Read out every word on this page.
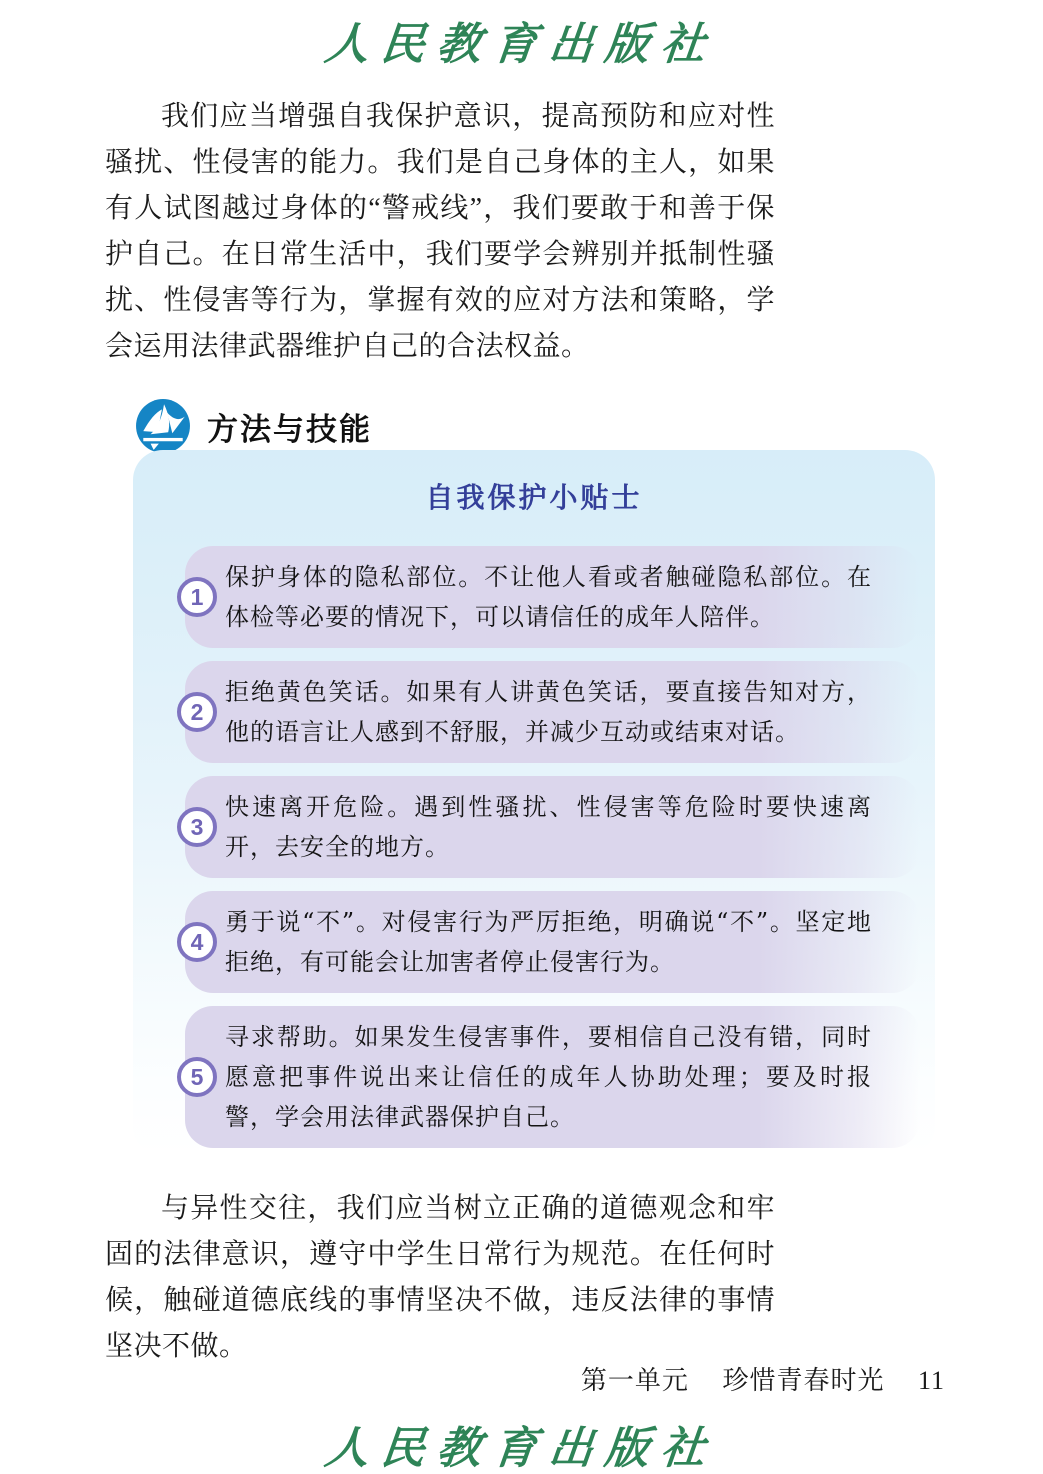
人民教育出版社

我们应当增强自我保护意识，提高预防和应对性骚扰、性侵害的能力。我们是自己身体的主人，如果有人试图越过身体的“警戒线”，我们要敢于和善于保护自己。在日常生活中，我们要学会辨别并抵制性骚扰、性侵害等行为，掌握有效的应对方法和策略，学会运用法律武器维护自己的合法权益。

方法与技能
自我保护小贴士
1

保护身体的隐私部位。不让他人看或者触碰隐私部位。在体检等必要的情况下，可以请信任的成年人陪伴。

2

拒绝黄色笑话。如果有人讲黄色笑话，要直接告知对方，他的语言让人感到不舒服，并减少互动或结束对话。

3

快速离开危险。遇到性骚扰、性侵害等危险时要快速离开，去安全的地方。

4

勇于说“不”。对侵害行为严厉拒绝，明确说“不”。坚定地拒绝，有可能会让加害者停止侵害行为。

5

寻求帮助。如果发生侵害事件，要相信自己没有错，同时愿意把事件说出来让信任的成年人协助处理；要及时报警，学会用法律武器保护自己。

与异性交往，我们应当树立正确的道德观念和牢固的法律意识，遵守中学生日常行为规范。在任何时候，触碰道德底线的事情坚决不做，违反法律的事情坚决不做。

第一单元 珍惜青春时光 11
人民教育出版社
